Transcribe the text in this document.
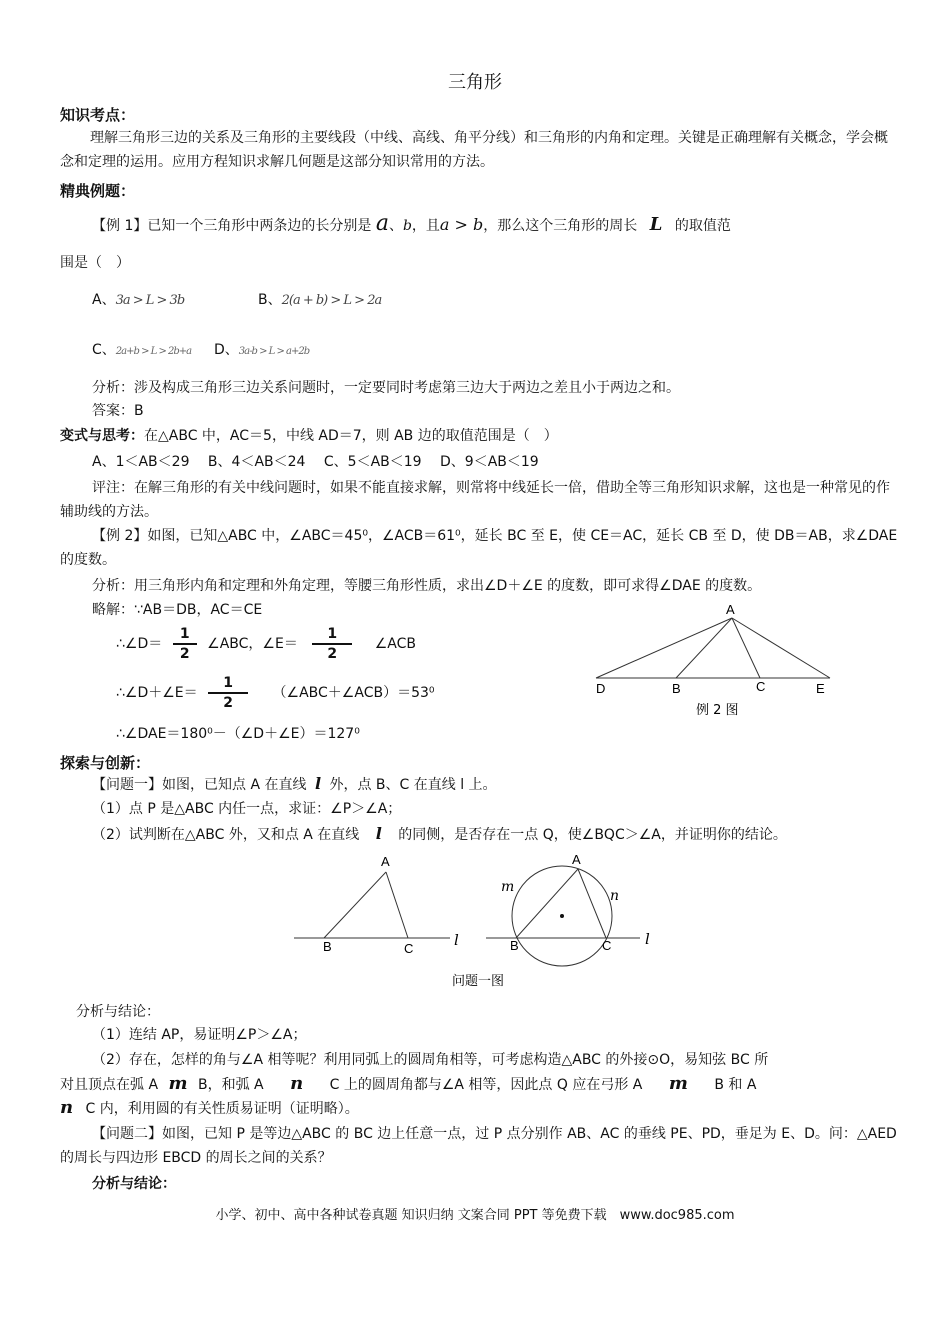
三角形
知识考点：
理解三角形三边的关系及三角形的主要线段（中线、高线、角平分线）和三角形的内角和定理。关键是正确理解有关概念，学会概念和定理的运用。应用方程知识求解几何题是这部分知识常用的方法。
精典例题：
【例 1】已知一个三角形中两条边的长分别是 a、b，且a > b，那么这个三角形的周长 L 的取值范
围是（　）
A、3a > L > 3b	B、2(a + b) > L > 2a
C、2a+b > L > 2b+a D、3a-b > L > a+2b
分析：涉及构成三角形三边关系问题时，一定要同时考虑第三边大于两边之差且小于两边之和。
答案：B
变式与思考：在△ABC 中，AC＝5，中线 AD＝7，则 AB 边的取值范围是（　）
A、1＜AB＜29　 B、4＜AB＜24　 C、5＜AB＜19　 D、9＜AB＜19
评注：在解三角形的有关中线问题时，如果不能直接求解，则常将中线延长一倍，借助全等三角形知识求解，这也是一种常见的作辅助线的方法。
【例 2】如图，已知△ABC 中，∠ABC＝45⁰，∠ACB＝61⁰，延长 BC 至 E，使 CE＝AC，延长 CB 至 D，使 DB＝AB，求∠DAE 的度数。
分析：用三角形内角和定理和外角定理，等腰三角形性质，求出∠D＋∠E 的度数，即可求得∠DAE 的度数。
略解：∵AB＝DB，AC＝CE
∴∠D＝ $\frac{1}{2}$ ∠ABC，∠E＝ $\frac{1}{2}$ ∠ACB
∴∠D＋∠E＝ $\frac{1}{2}$ （∠ABC＋∠ACB）＝53⁰
∴∠DAE＝180⁰－（∠D＋∠E）＝127⁰
A
D	B	C	E
例 2 图
探索与创新：
【问题一】如图，已知点 A 在直线 l 外，点 B、C 在直线 l 上。
（1）点 P 是△ABC 内任一点，求证：∠P＞∠A；
（2）试判断在△ABC 外，又和点 A 在直线 l 的同侧，是否存在一点 Q，使∠BQC＞∠A，并证明你的结论。
A
B	C	l
A
B	C l
m
n
问题一图
分析与结论：
（1）连结 AP，易证明∠P＞∠A；
（2）存在，怎样的角与∠A 相等呢？利用同弧上的圆周角相等，可考虑构造△ABC 的外接⊙O，易知弦 BC 所
对且顶点在弧 A m B，和弧 A n C 上的圆周角都与∠A 相等，因此点 Q 应在弓形 A m B 和 A
n C 内，利用圆的有关性质易证明（证明略）。
【问题二】如图，已知 P 是等边△ABC 的 BC 边上任意一点，过 P 点分别作 AB、AC 的垂线 PE、PD，垂足为 E、D。问：△AED 的周长与四边形 EBCD 的周长之间的关系？
分析与结论：
小学、初中、高中各种试卷真题 知识归纳 文案合同 PPT 等免费下载　www.doc985.com
